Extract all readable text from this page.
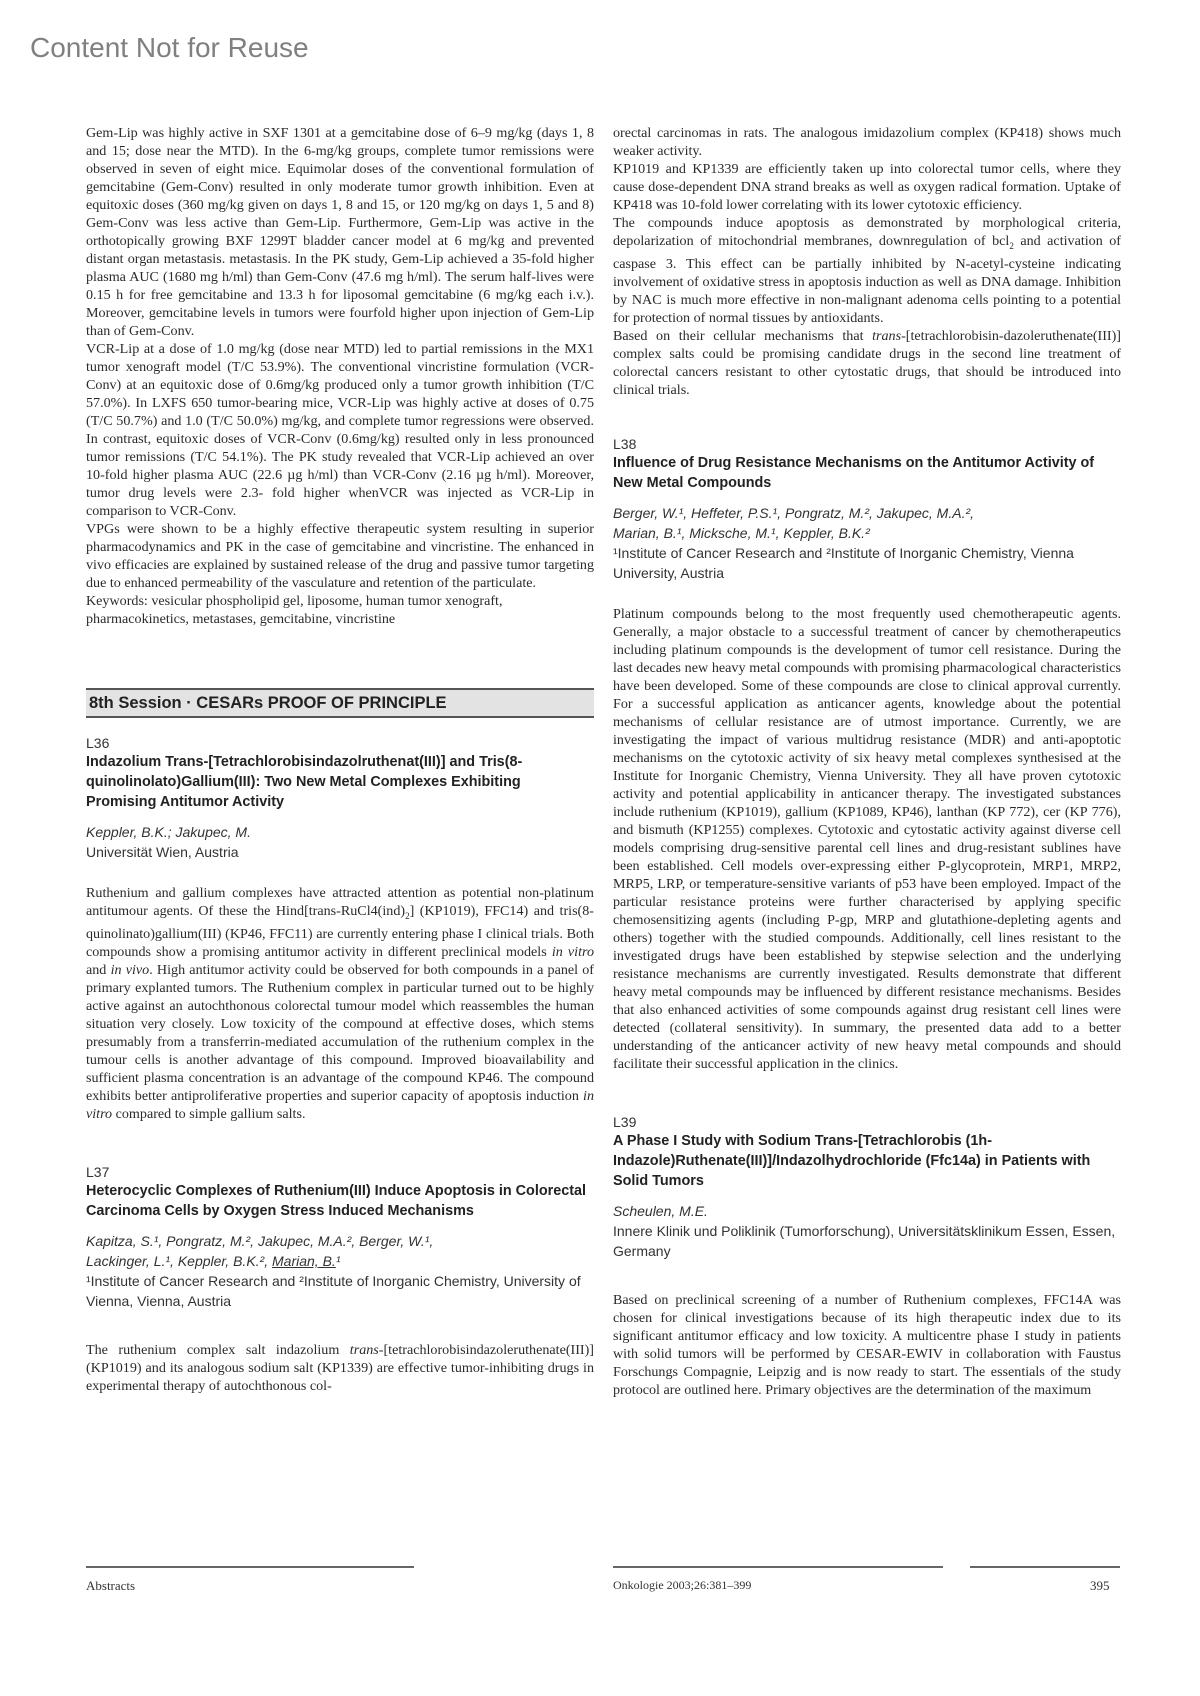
Content Not for Reuse

Gem-Lip was highly active in SXF 1301 at a gemcitabine dose of 6–9 mg/kg (days 1, 8 and 15; dose near the MTD). In the 6-mg/kg groups, complete tumor remissions were observed in seven of eight mice. Equimolar doses of the conventional formulation of gemcitabine (Gem-Conv) resulted in only moderate tumor growth inhibition. Even at equitoxic doses (360 mg/kg given on days 1, 8 and 15, or 120 mg/kg on days 1, 5 and 8) Gem-Conv was less active than Gem-Lip. Furthermore, Gem-Lip was active in the orthotopically growing BXF 1299T bladder cancer model at 6 mg/kg and prevented distant organ metastasis. metastasis. In the PK study, Gem-Lip achieved a 35-fold higher plasma AUC (1680 mg h/ml) than Gem-Conv (47.6 mg h/ml). The serum half-lives were 0.15 h for free gemcitabine and 13.3 h for liposomal gemcitabine (6 mg/kg each i.v.). Moreover, gemcitabine levels in tumors were fourfold higher upon injection of Gem-Lip than of Gem-Conv.

VCR-Lip at a dose of 1.0 mg/kg (dose near MTD) led to partial remissions in the MX1 tumor xenograft model (T/C 53.9%). The conventional vincristine formulation (VCR-Conv) at an equitoxic dose of 0.6mg/kg produced only a tumor growth inhibition (T/C 57.0%). In LXFS 650 tumor-bearing mice, VCR-Lip was highly active at doses of 0.75 (T/C 50.7%) and 1.0 (T/C 50.0%) mg/kg, and complete tumor regressions were observed. In contrast, equitoxic doses of VCR-Conv (0.6mg/kg) resulted only in less pronounced tumor remissions (T/C 54.1%). The PK study revealed that VCR-Lip achieved an over 10-fold higher plasma AUC (22.6 µg h/ml) than VCR-Conv (2.16 µg h/ml). Moreover, tumor drug levels were 2.3- fold higher whenVCR was injected as VCR-Lip in comparison to VCR-Conv.

VPGs were shown to be a highly effective therapeutic system resulting in superior pharmacodynamics and PK in the case of gemcitabine and vincristine. The enhanced in vivo efficacies are explained by sustained release of the drug and passive tumor targeting due to enhanced permeability of the vasculature and retention of the particulate.

Keywords: vesicular phospholipid gel, liposome, human tumor xenograft, pharmacokinetics, metastases, gemcitabine, vincristine

8th Session · CESARs PROOF OF PRINCIPLE

L36

Indazolium Trans-[Tetrachlorobisindazolruthenat(III)] and Tris(8-quinolinolato)Gallium(III): Two New Metal Complexes Exhibiting Promising Antitumor Activity

Keppler, B.K.; Jakupec, M.

Universität Wien, Austria

Ruthenium and gallium complexes have attracted attention as potential non-platinum antitumour agents. Of these the $Hind[trans-RuCl4(ind)_2]$ (KP1019), FFC14) and tris(8-quinolinato)gallium(III) (KP46, FFC11) are currently entering phase I clinical trials. Both compounds show a promising antitumor activity in different preclinical models in vitro and in vivo. High antitumor activity could be observed for both compounds in a panel of primary explanted tumors. The Ruthenium complex in particular turned out to be highly active against an autochthonous colorectal tumour model which reassembles the human situation very closely. Low toxicity of the compound at effective doses, which stems presumably from a transferrin-mediated accumulation of the ruthenium complex in the tumour cells is another advantage of this compound. Improved bioavailability and sufficient plasma concentration is an advantage of the compound KP46. The compound exhibits better antiproliferative properties and superior capacity of apoptosis induction in vitro compared to simple gallium salts.

L37

Heterocyclic Complexes of Ruthenium(III) Induce Apoptosis in Colorectal Carcinoma Cells by Oxygen Stress Induced Mechanisms

Kapitza, S.¹, Pongratz, M.², Jakupec, M.A.², Berger, W.¹,
Lackinger, L.¹, Keppler, B.K.², Marian, B.¹

¹Institute of Cancer Research and ²Institute of Inorganic Chemistry, University of Vienna, Vienna, Austria

The ruthenium complex salt indazolium trans-[tetrachlorobisindazoleruthenate(III)] (KP1019) and its analogous sodium salt (KP1339) are effective tumor-inhibiting drugs in experimental therapy of autochthonous col-

orectal carcinomas in rats. The analogous imidazolium complex (KP418) shows much weaker activity.

KP1019 and KP1339 are efficiently taken up into colorectal tumor cells, where they cause dose-dependent DNA strand breaks as well as oxygen radical formation. Uptake of KP418 was 10-fold lower correlating with its lower cytotoxic efficiency.

The compounds induce apoptosis as demonstrated by morphological criteria, depolarization of mitochondrial membranes, downregulation of bcl$_2$ and activation of caspase 3. This effect can be partially inhibited by N-acetyl-cysteine indicating involvement of oxidative stress in apoptosis induction as well as DNA damage. Inhibition by NAC is much more effective in non-malignant adenoma cells pointing to a potential for protection of normal tissues by antioxidants.

Based on their cellular mechanisms that trans-[tetrachlorobisin-dazoleruthenate(III)] complex salts could be promising candidate drugs in the second line treatment of colorectal cancers resistant to other cytostatic drugs, that should be introduced into clinical trials.

L38

Influence of Drug Resistance Mechanisms on the Antitumor Activity of New Metal Compounds

Berger, W.¹, Heffeter, P.S.¹, Pongratz, M.², Jakupec, M.A.²,
Marian, B.¹, Micksche, M.¹, Keppler, B.K.²

¹Institute of Cancer Research and ²Institute of Inorganic Chemistry, Vienna University, Austria

Platinum compounds belong to the most frequently used chemotherapeutic agents. Generally, a major obstacle to a successful treatment of cancer by chemotherapeutics including platinum compounds is the development of tumor cell resistance. During the last decades new heavy metal compounds with promising pharmacological characteristics have been developed. Some of these compounds are close to clinical approval currently. For a successful application as anticancer agents, knowledge about the potential mechanisms of cellular resistance are of utmost importance. Currently, we are investigating the impact of various multidrug resistance (MDR) and anti-apoptotic mechanisms on the cytotoxic activity of six heavy metal complexes synthesised at the Institute for Inorganic Chemistry, Vienna University. They all have proven cytotoxic activity and potential applicability in anticancer therapy. The investigated substances include ruthenium (KP1019), gallium (KP1089, KP46), lanthan (KP 772), cer (KP 776), and bismuth (KP1255) complexes. Cytotoxic and cytostatic activity against diverse cell models comprising drug-sensitive parental cell lines and drug-resistant sublines have been established. Cell models over-expressing either P-glycoprotein, MRP1, MRP2, MRP5, LRP, or temperature-sensitive variants of p53 have been employed. Impact of the particular resistance proteins were further characterised by applying specific chemosensitizing agents (including P-gp, MRP and glutathione-depleting agents and others) together with the studied compounds. Additionally, cell lines resistant to the investigated drugs have been established by stepwise selection and the underlying resistance mechanisms are currently investigated. Results demonstrate that different heavy metal compounds may be influenced by different resistance mechanisms. Besides that also enhanced activities of some compounds against drug resistant cell lines were detected (collateral sensitivity). In summary, the presented data add to a better understanding of the anticancer activity of new heavy metal compounds and should facilitate their successful application in the clinics.

L39

A Phase I Study with Sodium Trans-[Tetrachlorobis (1h-Indazole)Ruthenate(III)]/Indazolhydrochloride (Ffc14a) in Patients with Solid Tumors

Scheulen, M.E.

Innere Klinik und Poliklinik (Tumorforschung), Universitätsklinikum Essen, Essen, Germany

Based on preclinical screening of a number of Ruthenium complexes, FFC14A was chosen for clinical investigations because of its high therapeutic index due to its significant antitumor efficacy and low toxicity. A multicentre phase I study in patients with solid tumors will be performed by CESAR-EWIV in collaboration with Faustus Forschungs Compagnie, Leipzig and is now ready to start. The essentials of the study protocol are outlined here. Primary objectives are the determination of the maximum

Abstracts	Onkologie 2003;26:381–399	395
